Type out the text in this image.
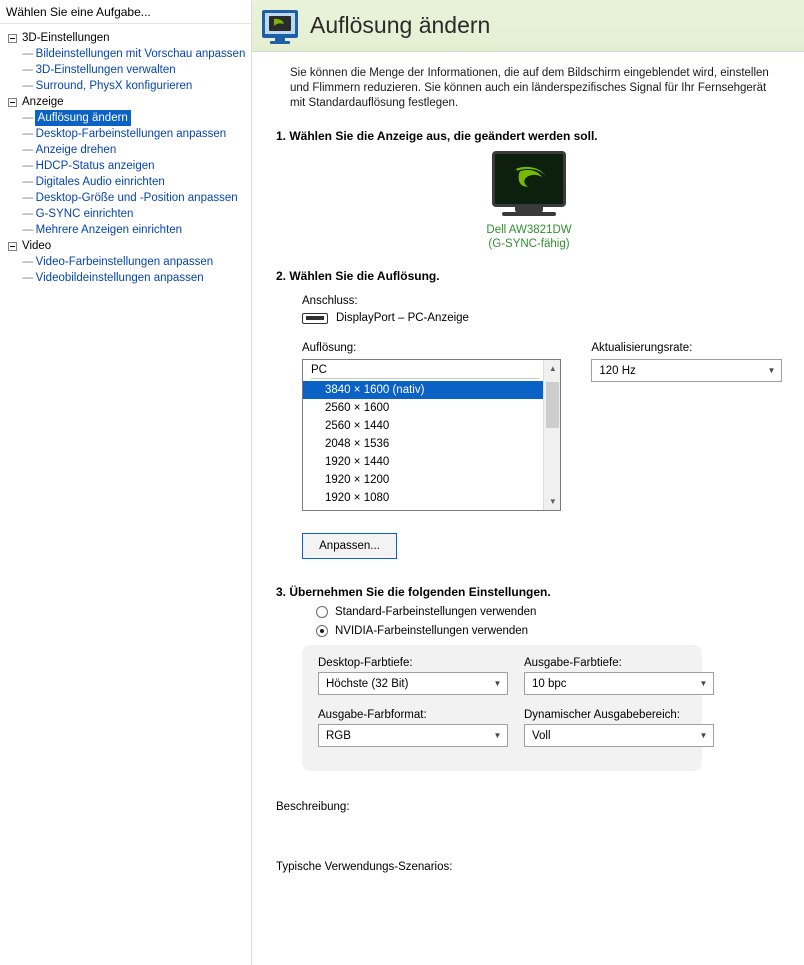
Wählen Sie eine Aufgabe...
3D-Einstellungen
---- Bildeinstellungen mit Vorschau anpassen
---- 3D-Einstellungen verwalten
---- Surround, PhysX konfigurieren
Anzeige
---- Auflösung ändern
---- Desktop-Farbeinstellungen anpassen
---- Anzeige drehen
---- HDCP-Status anzeigen
---- Digitales Audio einrichten
---- Desktop-Größe und -Position anpassen
---- G-SYNC einrichten
---- Mehrere Anzeigen einrichten
Video
---- Video-Farbeinstellungen anpassen
---- Videobildeinstellungen anpassen
Auflösung ändern
Sie können die Menge der Informationen, die auf dem Bildschirm eingeblendet wird, einstellen und Flimmern reduzieren. Sie können auch ein länderspezifisches Signal für Ihr Fernsehgerät mit Standardauflösung festlegen.
1. Wählen Sie die Anzeige aus, die geändert werden soll.
Dell AW3821DW
(G-SYNC-fähig)
2. Wählen Sie die Auflösung.
Anschluss:
DisplayPort – PC-Anzeige
Auflösung:
PC
3840 × 1600 (nativ)
2560 × 1600
2560 × 1440
2048 × 1536
1920 × 1440
1920 × 1200
1920 × 1080
▲
▼
Aktualisierungsrate:
120 Hz	▼
Anpassen...
3. Übernehmen Sie die folgenden Einstellungen.
Standard-Farbeinstellungen verwenden
NVIDIA-Farbeinstellungen verwenden
Desktop-Farbtiefe:
Höchste (32 Bit)	▼
Ausgabe-Farbtiefe:
10 bpc	▼
Ausgabe-Farbformat:
RGB	▼
Dynamischer Ausgabebereich:
Voll	▼
Beschreibung:
Typische Verwendungs-Szenarios:
